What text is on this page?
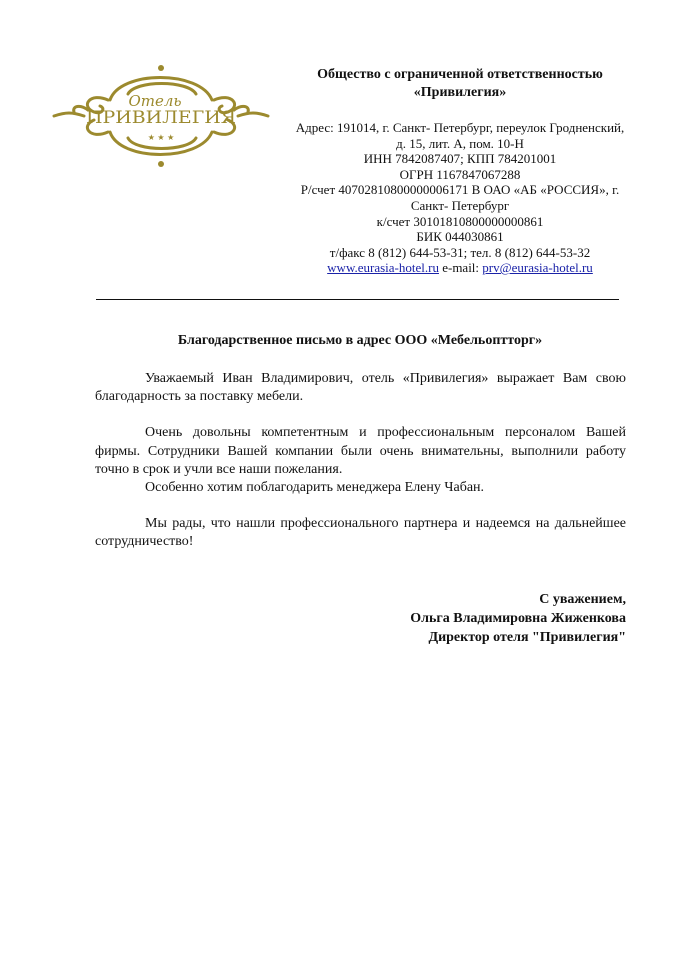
Отель
ПРИВИЛЕГИЯ
★ ★ ★
Общество с ограниченной ответственностью
«Привилегия»
Адрес: 191014, г. Санкт- Петербург, переулок Гродненский,
д. 15, лит. А, пом. 10-Н
ИНН 7842087407; КПП 784201001
ОГРН 1167847067288
Р/счет 40702810800000006171 В ОАО «АБ «РОССИЯ», г.
Санкт- Петербург
к/счет 30101810800000000861
БИК 044030861
т/факс 8 (812) 644-53-31; тел. 8 (812) 644-53-32
www.eurasia-hotel.ru e-mail: prv@eurasia-hotel.ru
Благодарственное письмо в адрес ООО «Мебельоптторг»

Уважаемый Иван Владимирович, отель «Привилегия» выражает Вам свою благодарность за поставку мебели.

Очень довольны компетентным и профессиональным персоналом Вашей фирмы. Сотрудники Вашей компании были очень внимательны, выполнили работу точно в срок и учли все наши пожелания.

Особенно хотим поблагодарить менеджера Елену Чабан.

Мы рады, что нашли профессионального партнера и надеемся на дальнейшее сотрудничество!

С уважением,
Ольга Владимировна Жиженкова
Директор отеля "Привилегия"
